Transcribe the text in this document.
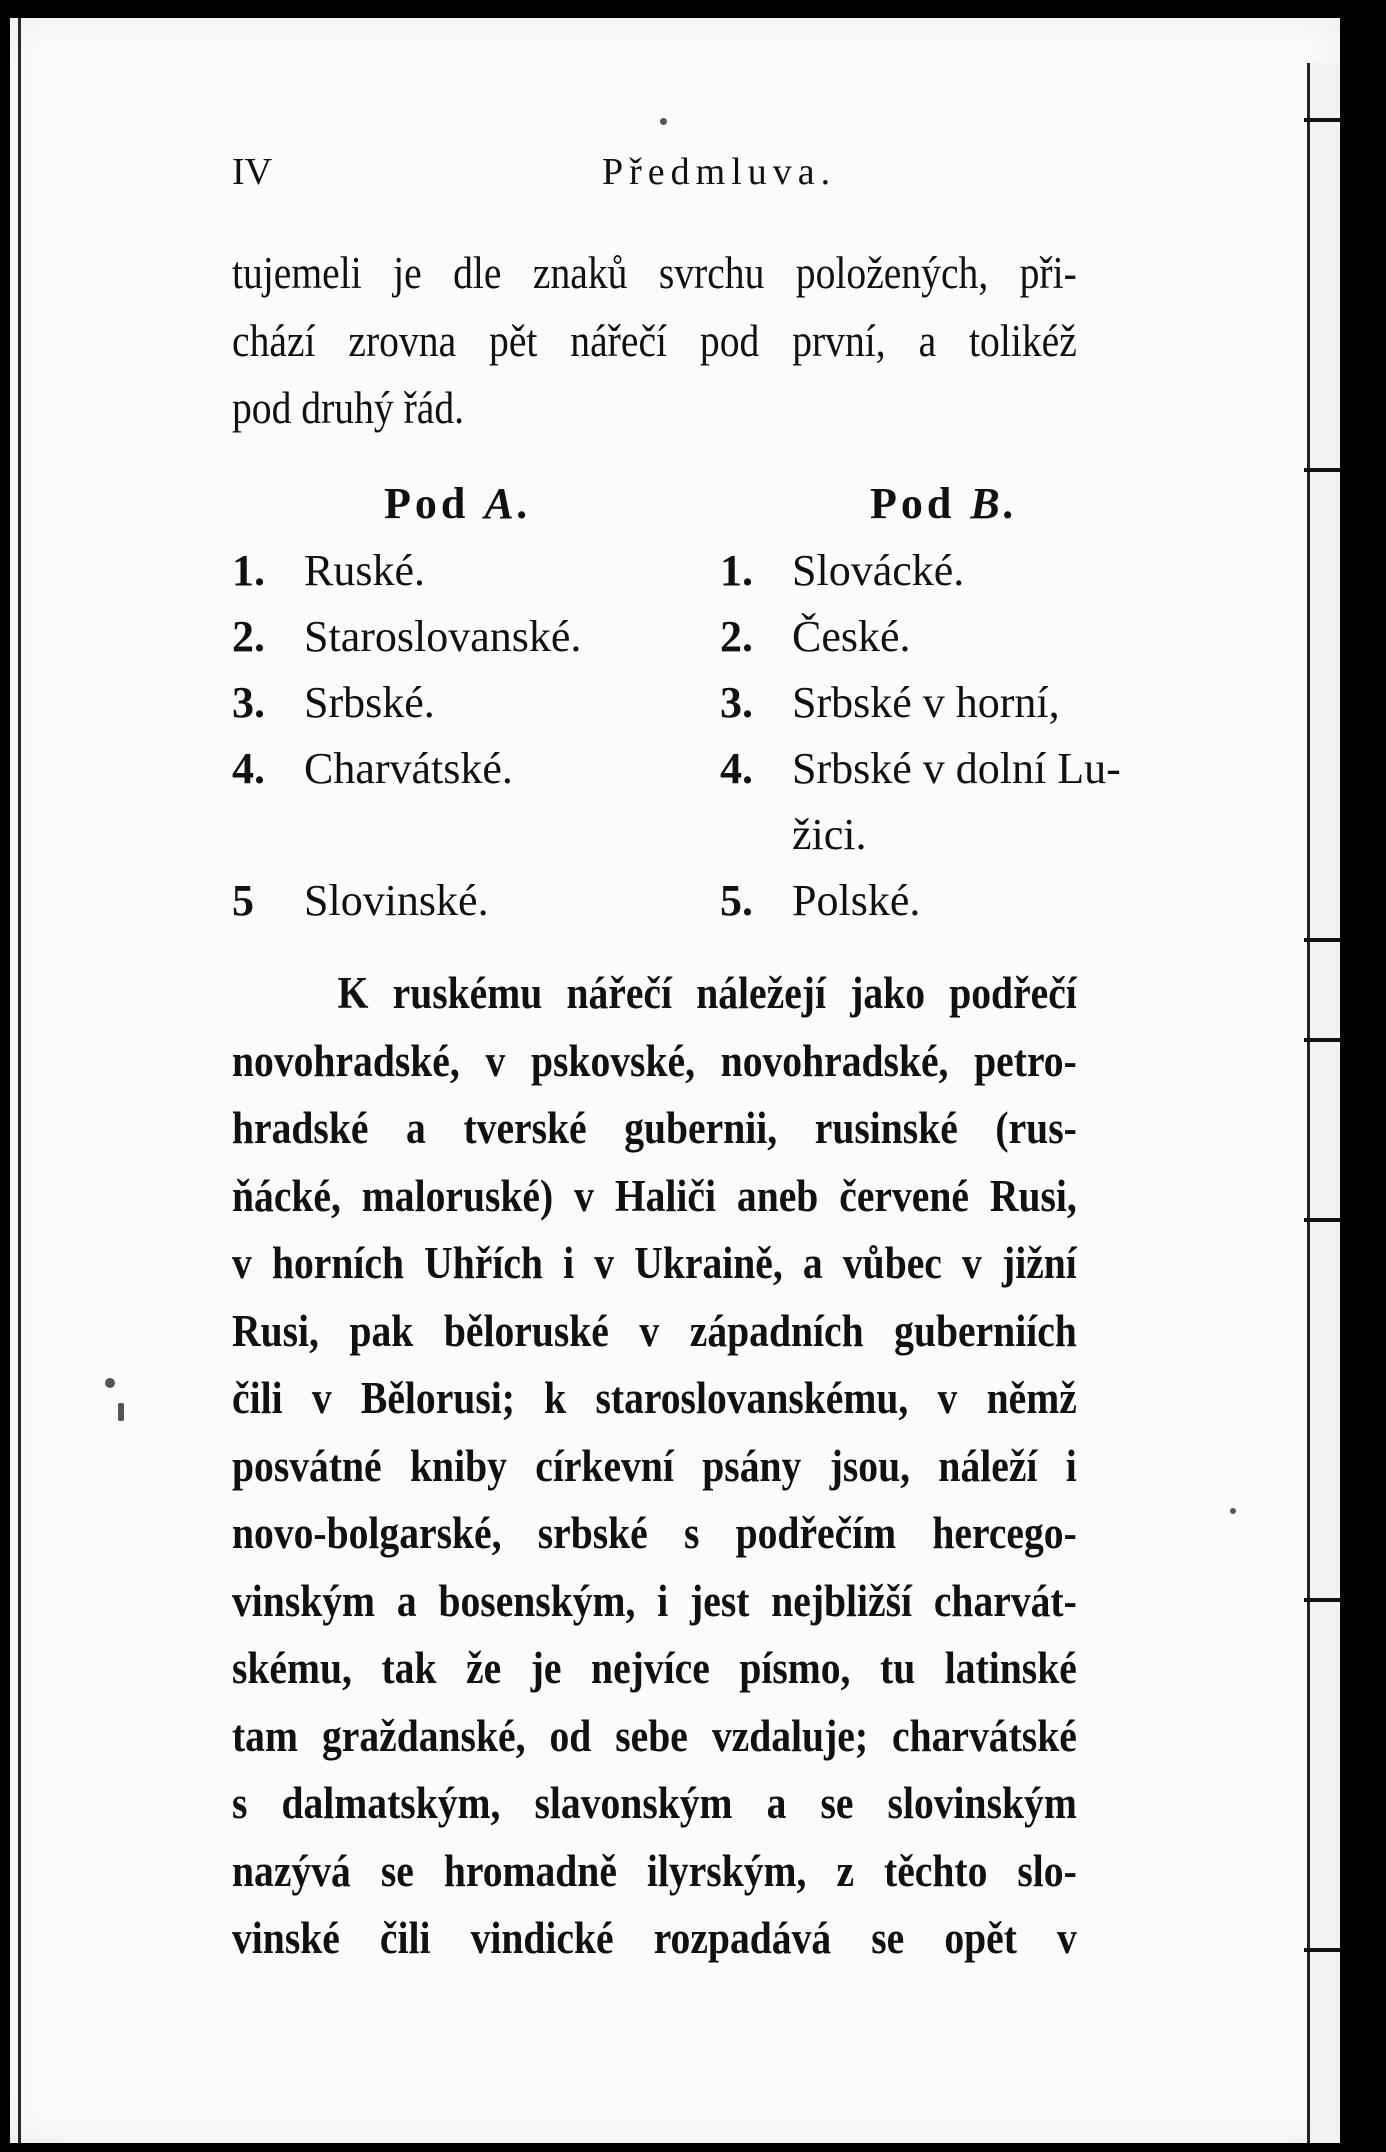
IV	Předmluva.
tujemeli je dle znaků svrchu položených, při-
chází zrovna pět nářečí pod první, a tolikéž
pod druhý řád.
Pod A.	Pod B.
1. Ruské.
2. Staroslovanské.
3. Srbské.
4. Charvátské.
5 Slovinské.
1. Slovácké.
2. České.
3. Srbské v horní,
4. Srbské v dolní Lu-
žici.
5. Polské.
K ruskému nářečí náležejí jako podřečí
novohradské, v pskovské, novohradské, petro-
hradské a tverské gubernii, rusinské (rus-
ňácké, maloruské) v Haliči aneb červené Rusi,
v horních Uhřích i v Ukraině, a vůbec v jižní
Rusi, pak běloruské v západních guberniích
čili v Bělorusi; k staroslovanskému, v němž
posvátné kniby církevní psány jsou, náleží i
novo-bolgarské, srbské s podřečím hercego-
vinským a bosenským, i jest nejbližší charvát-
skému, tak že je nejvíce písmo, tu latinské
tam graždanské, od sebe vzdaluje; charvátské
s dalmatským, slavonským a se slovinským
nazývá se hromadně ilyrským, z těchto slo-
vinské čili vindické rozpadává se opět v
